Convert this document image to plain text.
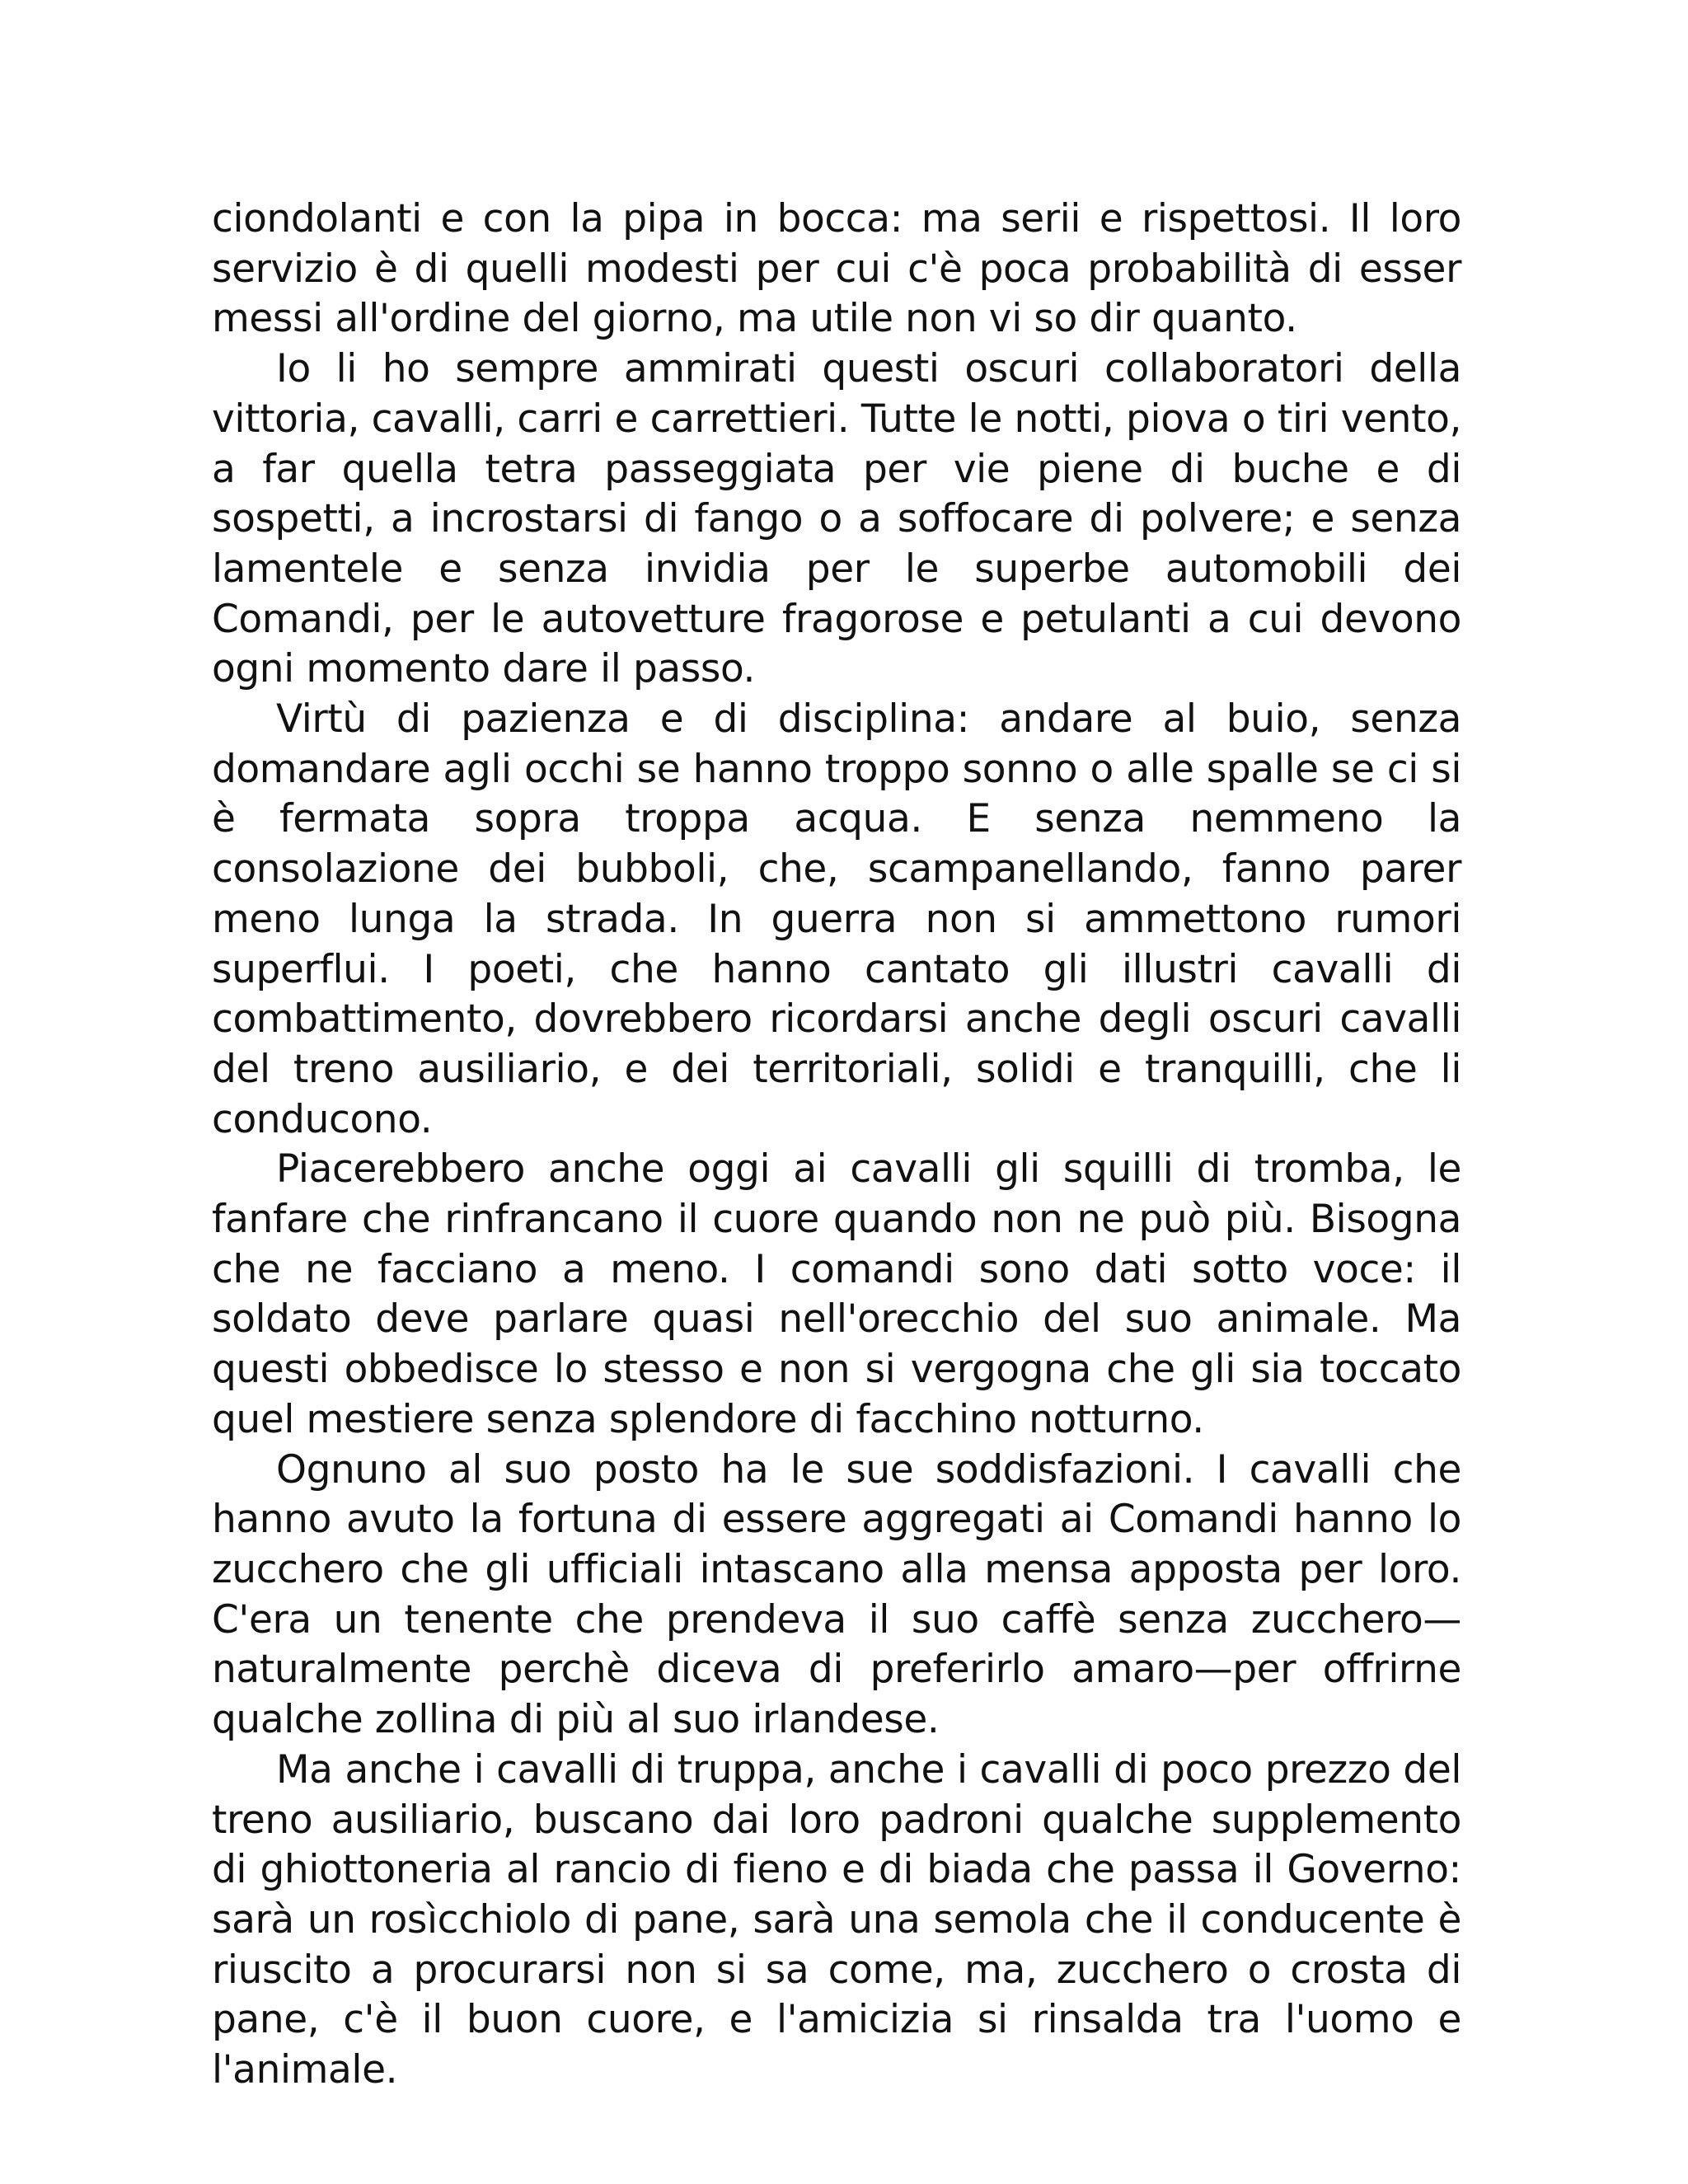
ciondolanti e con la pipa in bocca: ma serii e rispettosi. Il loro servizio è di quelli modesti per cui c'è poca probabilità di esser messi all'ordine del giorno, ma utile non vi so dir quanto.

Io li ho sempre ammirati questi oscuri collaboratori della vittoria, cavalli, carri e carrettieri. Tutte le notti, piova o tiri vento, a far quella tetra passeggiata per vie piene di buche e di sospetti, a incrostarsi di fango o a soffocare di polvere; e senza lamentele e senza invidia per le superbe automobili dei Comandi, per le autovetture fragorose e petulanti a cui devono ogni momento dare il passo.

Virtù di pazienza e di disciplina: andare al buio, senza domandare agli occhi se hanno troppo sonno o alle spalle se ci si è fermata sopra troppa acqua. E senza nemmeno la consolazione dei bubboli, che, scampanellando, fanno parer meno lunga la strada. In guerra non si ammettono rumori superflui. I poeti, che hanno cantato gli illustri cavalli di combattimento, dovrebbero ricordarsi anche degli oscuri cavalli del treno ausiliario, e dei territoriali, solidi e tranquilli, che li conducono.

Piacerebbero anche oggi ai cavalli gli squilli di tromba, le fanfare che rinfrancano il cuore quando non ne può più. Bisogna che ne facciano a meno. I comandi sono dati sotto voce: il soldato deve parlare quasi nell'orecchio del suo animale. Ma questi obbedisce lo stesso e non si vergogna che gli sia toccato quel mestiere senza splendore di facchino notturno.

Ognuno al suo posto ha le sue soddisfazioni. I cavalli che hanno avuto la fortuna di essere aggregati ai Comandi hanno lo zucchero che gli ufficiali intascano alla mensa apposta per loro. C'era un tenente che prendeva il suo caffè senza zucchero—naturalmente perchè diceva di preferirlo amaro—per offrirne qualche zollina di più al suo irlandese.

Ma anche i cavalli di truppa, anche i cavalli di poco prezzo del treno ausiliario, buscano dai loro padroni qualche supplemento di ghiottoneria al rancio di fieno e di biada che passa il Governo: sarà un rosìcchiolo di pane, sarà una semola che il conducente è riuscito a procurarsi non si sa come, ma, zucchero o crosta di pane, c'è il buon cuore, e l'amicizia si rinsalda tra l'uomo e l'animale.
